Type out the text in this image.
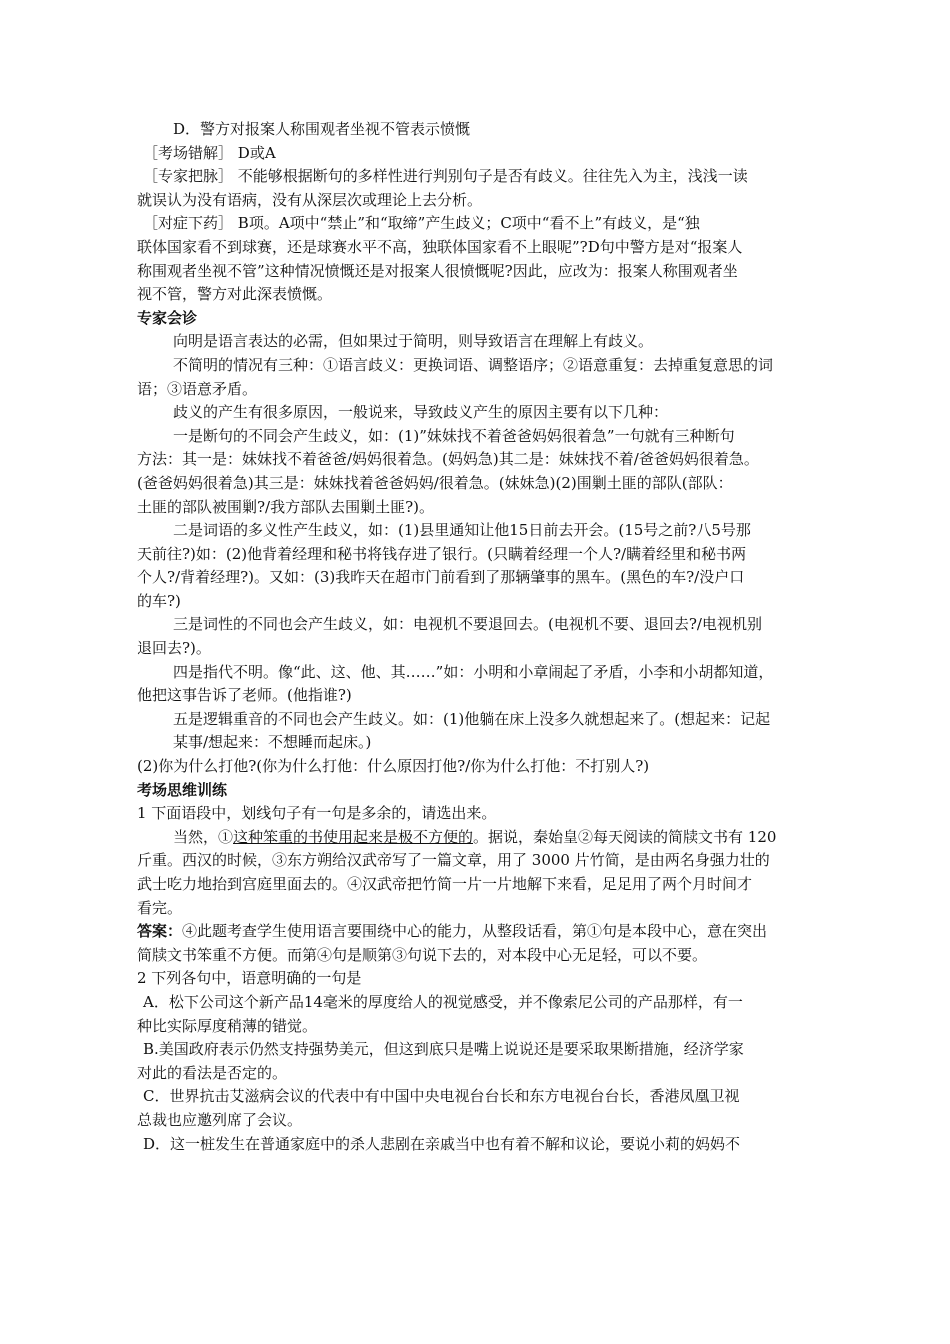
D．警方对报案人称围观者坐视不管表示愤慨
［考场错解］ D或A
［专家把脉］ 不能够根据断句的多样性进行判别句子是否有歧义。往往先入为主，浅浅一读
就误认为没有语病，没有从深层次或理论上去分析。
［对症下药］ B项。A项中“禁止”和“取缔”产生歧义；C项中“看不上”有歧义，是“独
联体国家看不到球赛，还是球赛水平不高，独联体国家看不上眼呢”?D句中警方是对“报案人
称围观者坐视不管”这种情况愤慨还是对报案人很愤慨呢?因此，应改为：报案人称围观者坐
视不管，警方对此深表愤慨。
专家会诊
向明是语言表达的必需，但如果过于简明，则导致语言在理解上有歧义。
不简明的情况有三种：①语言歧义：更换词语、调整语序；②语意重复：去掉重复意思的词
语；③语意矛盾。
歧义的产生有很多原因，一般说来，导致歧义产生的原因主要有以下几种：
一是断句的不同会产生歧义，如：(1)”妹妹找不着爸爸妈妈很着急”一句就有三种断句
方法：其一是：妹妹找不着爸爸/妈妈很着急。(妈妈急)其二是：妹妹找不着/爸爸妈妈很着急。
(爸爸妈妈很着急)其三是：妹妹找着爸爸妈妈/很着急。(妹妹急)(2)围剿土匪的部队(部队：
土匪的部队被围剿?/我方部队去围剿土匪?)。
二是词语的多义性产生歧义，如：(1)县里通知让他15日前去开会。(15号之前?八5号那
天前往?)如：(2)他背着经理和秘书将钱存进了银行。(只瞒着经理一个人?/瞒着经里和秘书两
个人?/背着经理?)。又如：(3)我昨天在超市门前看到了那辆肇事的黑车。(黑色的车?/没户口
的车?)
三是词性的不同也会产生歧义，如：电视机不要退回去。(电视机不要、退回去?/电视机别
退回去?)。
四是指代不明。像“此、这、他、其……”如：小明和小章闹起了矛盾，小李和小胡都知道，
他把这事告诉了老师。(他指谁?)
五是逻辑重音的不同也会产生歧义。如：(1)他躺在床上没多久就想起来了。(想起来：记起
某事/想起来：不想睡而起床。)
(2)你为什么打他?(你为什么打他：什么原因打他?/你为什么打他：不打别人?)
考场思维训练
1 下面语段中，划线句子有一句是多余的，请选出来。
当然，①这种笨重的书使用起来是极不方便的。据说，秦始皇②每天阅读的简牍文书有 120
斤重。西汉的时候，③东方朔给汉武帝写了一篇文章，用了 3000 片竹简，是由两名身强力壮的
武士吃力地抬到宫庭里面去的。④汉武帝把竹简一片一片地解下来看，足足用了两个月时间才
看完。
答案：④此题考查学生使用语言要围绕中心的能力，从整段话看，第①句是本段中心，意在突出
简牍文书笨重不方便。而第④句是顺第③句说下去的，对本段中心无足轻，可以不要。
2 下列各句中，语意明确的一句是
A．松下公司这个新产品14毫米的厚度给人的视觉感受，并不像索尼公司的产品那样，有一
种比实际厚度稍薄的错觉。
B.美国政府表示仍然支持强势美元，但这到底只是嘴上说说还是要采取果断措施，经济学家
对此的看法是否定的。
C．世界抗击艾滋病会议的代表中有中国中央电视台台长和东方电视台台长，香港凤凰卫视
总裁也应邀列席了会议。
D．这一桩发生在普通家庭中的杀人悲剧在亲戚当中也有着不解和议论，要说小莉的妈妈不
